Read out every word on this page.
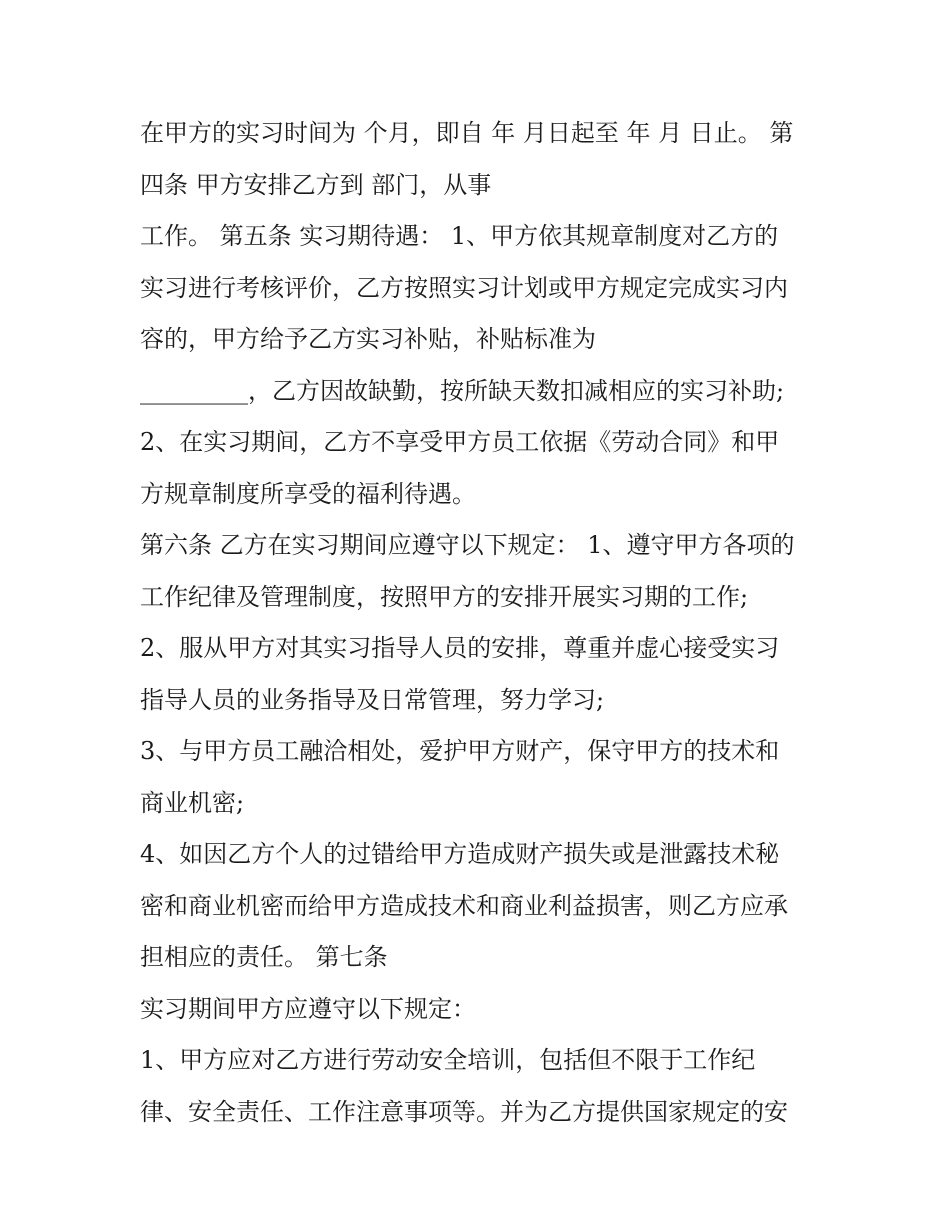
在甲方的实习时间为 个月，即自 年 月日起至 年 月 日止。 第
四条 甲方安排乙方到 部门，从事
工作。 第五条 实习期待遇： 1、甲方依其规章制度对乙方的
实习进行考核评价，乙方按照实习计划或甲方规定完成实习内
容的，甲方给予乙方实习补贴，补贴标准为
_________，乙方因故缺勤，按所缺天数扣减相应的实习补助;
2、在实习期间，乙方不享受甲方员工依据《劳动合同》和甲
方规章制度所享受的福利待遇。
第六条 乙方在实习期间应遵守以下规定： 1、遵守甲方各项的
工作纪律及管理制度，按照甲方的安排开展实习期的工作;
2、服从甲方对其实习指导人员的安排，尊重并虚心接受实习
指导人员的业务指导及日常管理，努力学习;
3、与甲方员工融洽相处，爱护甲方财产，保守甲方的技术和
商业机密;
4、如因乙方个人的过错给甲方造成财产损失或是泄露技术秘
密和商业机密而给甲方造成技术和商业利益损害，则乙方应承
担相应的责任。 第七条
实习期间甲方应遵守以下规定：
1、甲方应对乙方进行劳动安全培训，包括但不限于工作纪
律、安全责任、工作注意事项等。并为乙方提供国家规定的安
